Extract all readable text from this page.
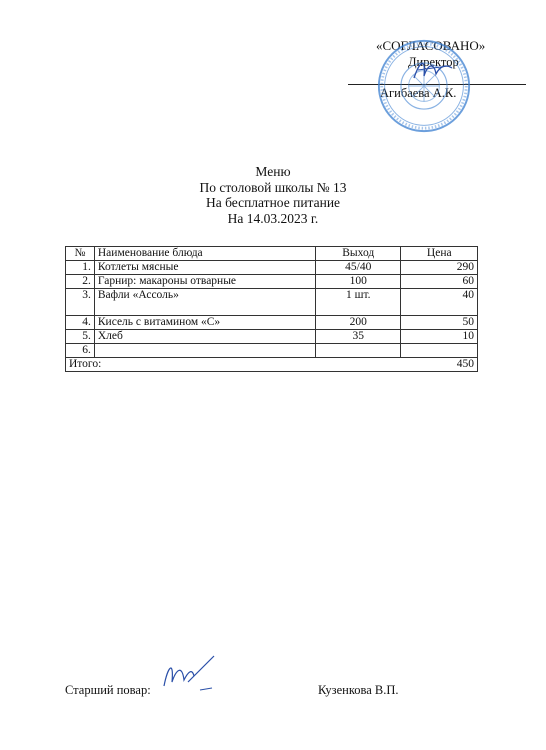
«СОГЛАСОВАНО»
Директор
Агибаева А.К.
Меню
По столовой школы № 13
На бесплатное питание
На 14.03.2023 г.
№	Наименование блюда	Выход	Цена
1.	Котлеты мясные	45/40	290
2.	Гарнир: макароны отварные	100	60
3.	Вафли «Ассоль»	1 шт.	40
4.	Кисель с витамином «С»	200	50
5.	Хлеб	35	10
6.			
Итого:			450
Старший повар:	Кузенкова В.П.
